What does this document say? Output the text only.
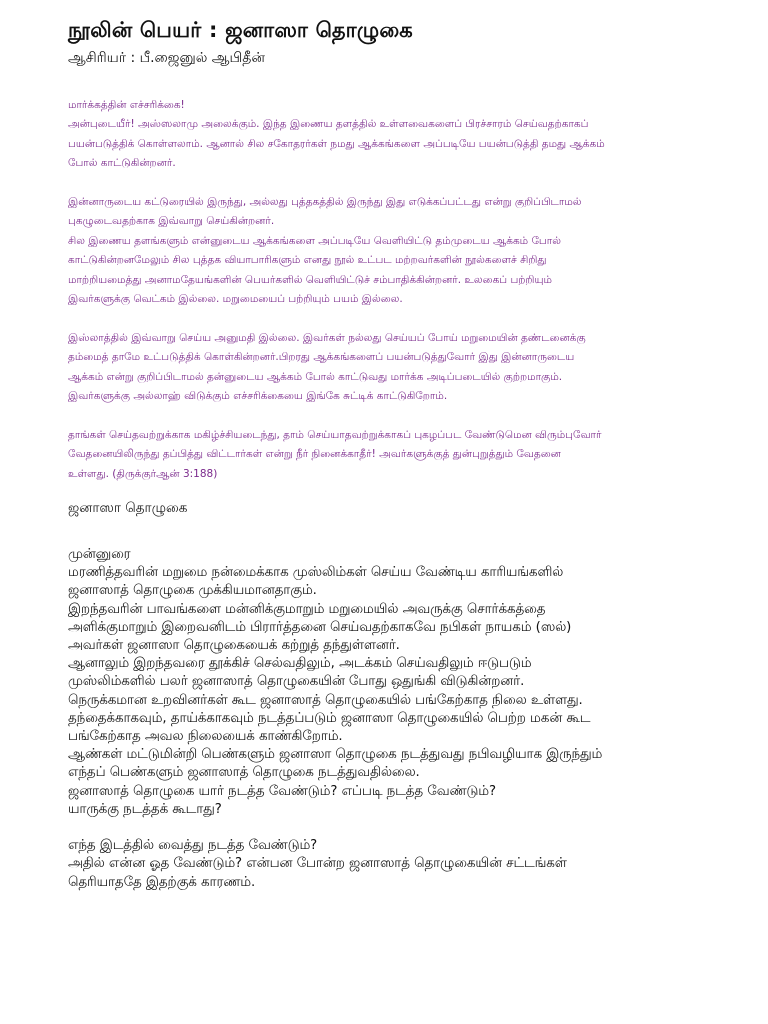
நூலின் பெயர் : ஜனாஸா தொழுகை
ஆசிரியர் : பீ.ஜைனுல் ஆபிதீன்

மார்க்கத்தின் எச்சரிக்கை!

அன்புடையீர்! அஸ்ஸலாமு அலைக்கும். இந்த இணைய தளத்தில் உள்ளவைகளைப் பிரச்சாரம் செய்வதற்காகப்

பயன்படுத்திக் கொள்ளலாம். ஆனால் சில சகோதரர்கள் நமது ஆக்கங்களை அப்படியே பயன்படுத்தி தமது ஆக்கம்

போல் காட்டுகின்றனர்.

இன்னாருடைய கட்டுரையில் இருந்து, அல்லது புத்தகத்தில் இருந்து இது எடுக்கப்பட்டது என்று குறிப்பிடாமல்

புகழுடைவதற்காக இவ்வாறு செய்கின்றனர்.

சில இணைய தளங்களும் என்னுடைய ஆக்கங்களை அப்படியே வெளியிட்டு தம்முடைய ஆக்கம் போல்

காட்டுகின்றனமேலும் சில புத்தக வியாபாரிகளும் எனது நூல் உட்பட மற்றவர்களின் நூல்களைச் சிறிது

மாற்றியமைத்து அனாமதேயங்களின் பெயர்களில் வெளியிட்டுச் சம்பாதிக்கின்றனர். உலகைப் பற்றியும்

இவர்களுக்கு வெட்கம் இல்லை. மறுமையைப் பற்றியும் பயம் இல்லை.

இஸ்லாத்தில் இவ்வாறு செய்ய அனுமதி இல்லை. இவர்கள் நல்லது செய்யப் போய் மறுமையின் தண்டனைக்கு

தம்மைத் தாமே உட்படுத்திக் கொள்கின்றனர்.பிறரது ஆக்கங்களைப் பயன்படுத்துவோர் இது இன்னாருடைய

ஆக்கம் என்று குறிப்பிடாமல் தன்னுடைய ஆக்கம் போல் காட்டுவது மார்க்க அடிப்படையில் குற்றமாகும்.

இவர்களுக்கு அல்லாஹ் விடுக்கும் எச்சரிக்கையை இங்கே சுட்டிக் காட்டுகிறோம்.

தாங்கள் செய்தவற்றுக்காக மகிழ்ச்சியடைந்து, தாம் செய்யாதவற்றுக்காகப் புகழப்பட வேண்டுமென விரும்புவோர்

வேதனையிலிருந்து தப்பித்து விட்டார்கள் என்று நீர் நினைக்காதீர்! அவர்களுக்குத் துன்புறுத்தும் வேதனை

உள்ளது. (திருக்குர்ஆன் 3:188)

ஜனாஸா தொழுகை

முன்னுரை

மரணித்தவரின் மறுமை நன்மைக்காக முஸ்லிம்கள் செய்ய வேண்டிய காரியங்களில்

ஜனாஸாத் தொழுகை முக்கியமானதாகும்.

இறந்தவரின் பாவங்களை மன்னிக்குமாறும் மறுமையில் அவருக்கு சொர்க்கத்தை

அளிக்குமாறும் இறைவனிடம் பிரார்த்தனை செய்வதற்காகவே நபிகள் நாயகம் (ஸல்)

அவர்கள் ஜனாஸா தொழுகையைக் கற்றுத் தந்துள்ளனர்.

ஆனாலும் இறந்தவரை தூக்கிச் செல்வதிலும், அடக்கம் செய்வதிலும் ஈடுபடும்

முஸ்லிம்களில் பலர் ஜனாஸாத் தொழுகையின் போது ஒதுங்கி விடுகின்றனர்.

நெருக்கமான உறவினர்கள் கூட ஜனாஸாத் தொழுகையில் பங்கேற்காத நிலை உள்ளது.

தந்தைக்காகவும், தாய்க்காகவும் நடத்தப்படும் ஜனாஸா தொழுகையில் பெற்ற மகன் கூட

பங்கேற்காத அவல நிலையைக் காண்கிறோம்.

ஆண்கள் மட்டுமின்றி பெண்களும் ஜனாஸா தொழுகை நடத்துவது நபிவழியாக இருந்தும்

எந்தப் பெண்களும் ஜனாஸாத் தொழுகை நடத்துவதில்லை.

ஜனாஸாத் தொழுகை யார் நடத்த வேண்டும்? எப்படி நடத்த வேண்டும்?

யாருக்கு நடத்தக் கூடாது?

எந்த இடத்தில் வைத்து நடத்த வேண்டும்?

அதில் என்ன ஓத வேண்டும்? என்பன போன்ற ஜனாஸாத் தொழுகையின் சட்டங்கள்

தெரியாததே இதற்குக் காரணம்.
